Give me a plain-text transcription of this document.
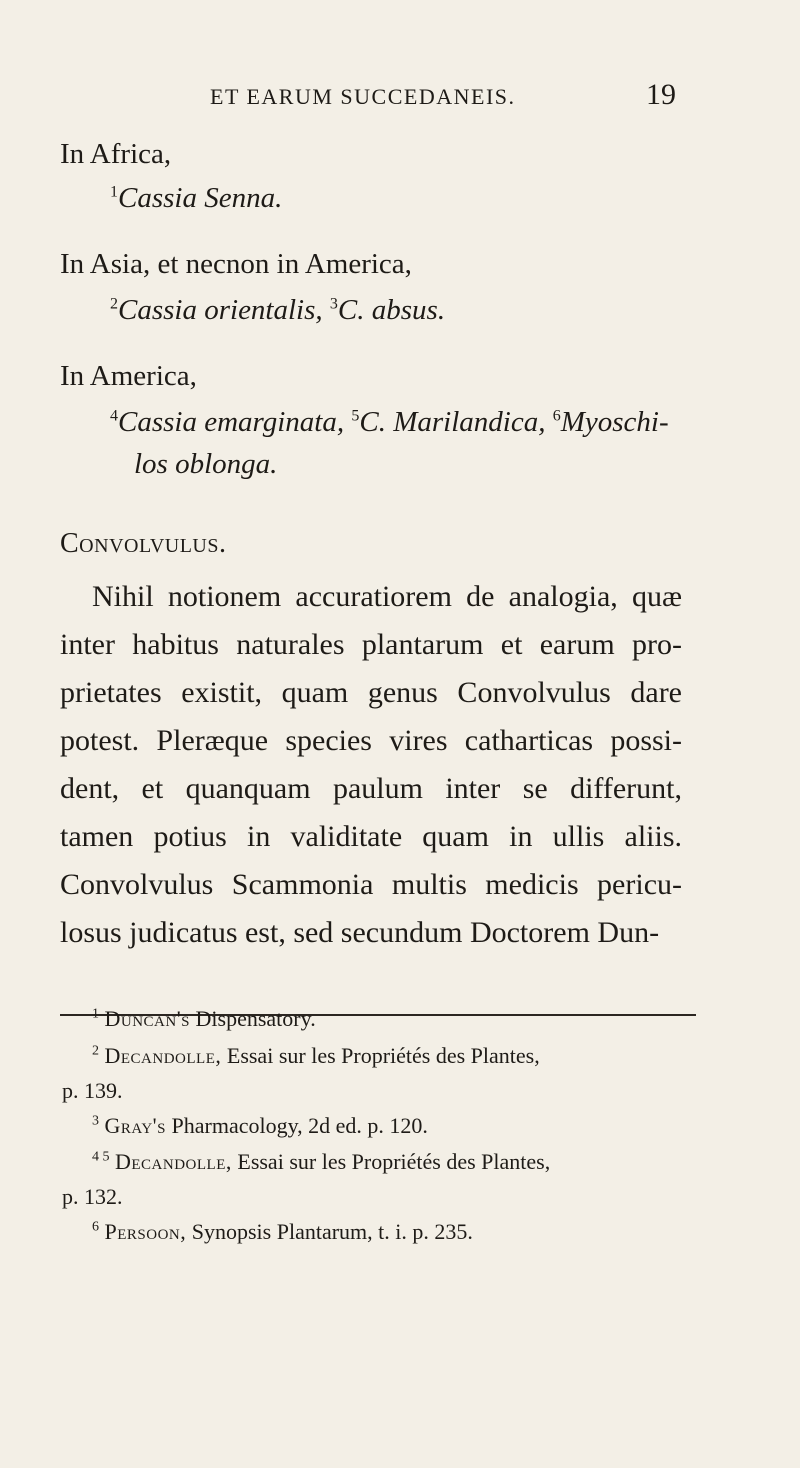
ET EARUM SUCCEDANEIS.	19
In Africa,
$^1$Cassia Senna.
In Asia, et necnon in America,
$^2$Cassia orientalis, $^3$C. absus.
In America,
$^4$Cassia emarginata, $^5$C. Marilandica, $^6$Myoschi-
los oblonga.
Convolvulus.
$^1$ Duncan's Dispensatory.
$^2$ Decandolle, Essai sur les Propriétés des Plantes,
p. 139.
$^3$ Gray's Pharmacology, 2d ed. p. 120.
$^{4 5}$ Decandolle, Essai sur les Propriétés des Plantes,
p. 132.
$^6$ Persoon, Synopsis Plantarum, t. i. p. 235.
Nihil notionem accuratiorem de analogia, quæ
inter habitus naturales plantarum et earum pro-
prietates existit, quam genus Convolvulus dare
potest. Pleræque species vires catharticas possi-
dent, et quanquam paulum inter se differunt,
tamen potius in validitate quam in ullis aliis.
Convolvulus Scammonia multis medicis pericu-
losus judicatus est, sed secundum Doctorem Dun-
